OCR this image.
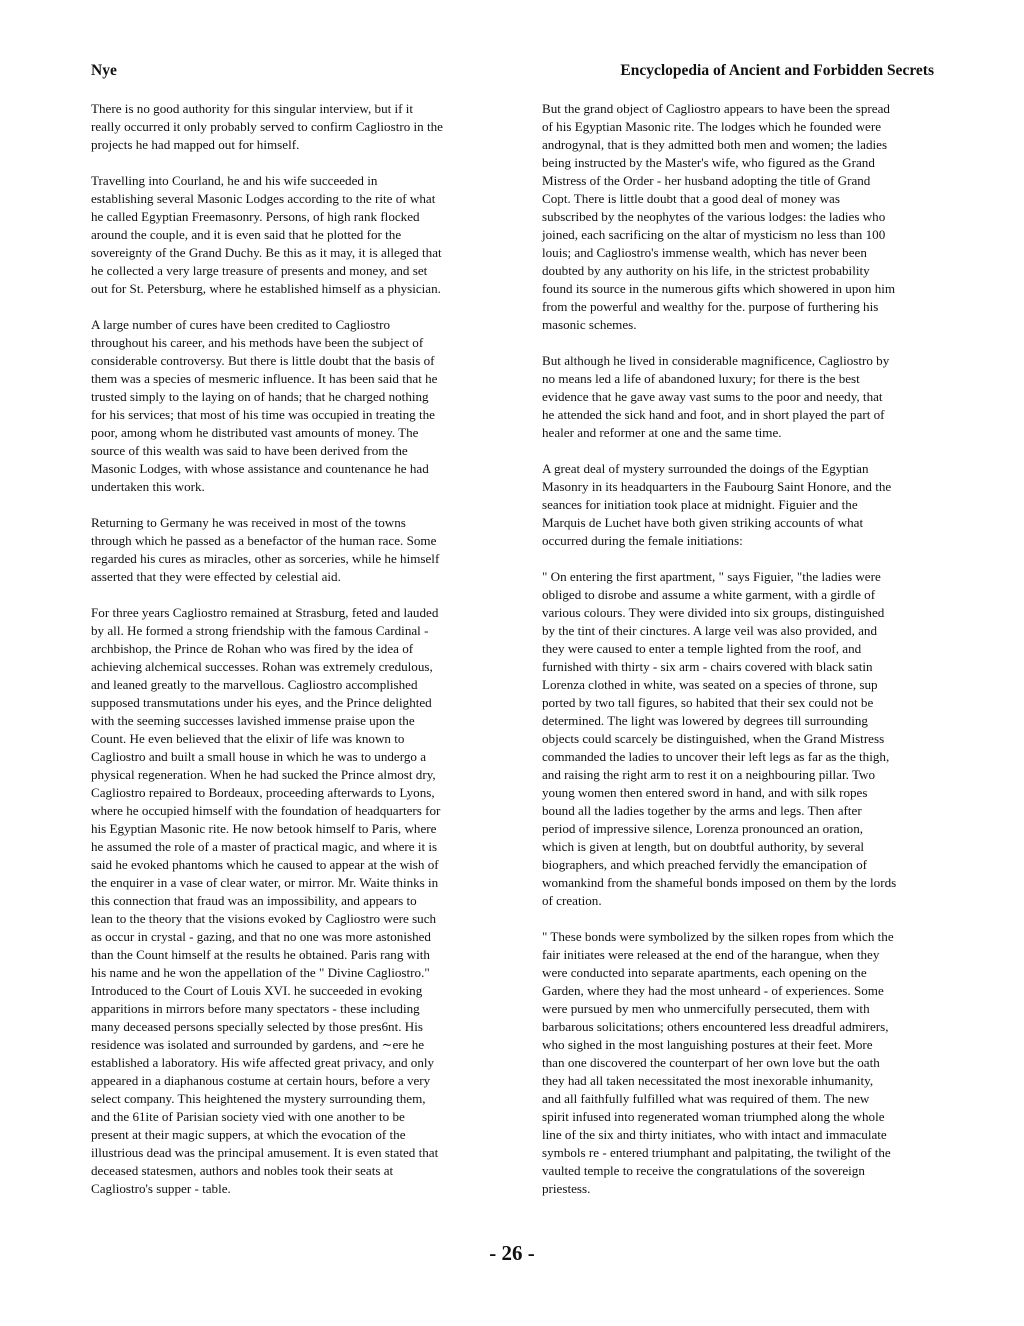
Nye	Encyclopedia of Ancient and Forbidden Secrets
There is no good authority for this singular interview, but if it
really occurred it only probably served to confirm Cagliostro in the
projects he had mapped out for himself.
Travelling into Courland, he and his wife succeeded in
establishing several Masonic Lodges according to the rite of what
he called Egyptian Freemasonry. Persons, of high rank flocked
around the couple, and it is even said that he plotted for the
sovereignty of the Grand Duchy. Be this as it may, it is alleged that
he collected a very large treasure of presents and money, and set
out for St. Petersburg, where he established himself as a physician.
A large number of cures have been credited to Cagliostro
throughout his career, and his methods have been the subject of
considerable controversy. But there is little doubt that the basis of
them was a species of mesmeric influence. It has been said that he
trusted simply to the laying on of hands; that he charged nothing
for his services; that most of his time was occupied in treating the
poor, among whom he distributed vast amounts of money. The
source of this wealth was said to have been derived from the
Masonic Lodges, with whose assistance and countenance he had
undertaken this work.
Returning to Germany he was received in most of the towns
through which he passed as a benefactor of the human race. Some
regarded his cures as miracles, other as sorceries, while he himself
asserted that they were effected by celestial aid.
For three years Cagliostro remained at Strasburg, feted and lauded
by all. He formed a strong friendship with the famous Cardinal -
archbishop, the Prince de Rohan who was fired by the idea of
achieving alchemical successes. Rohan was extremely credulous,
and leaned greatly to the marvellous. Cagliostro accomplished
supposed transmutations under his eyes, and the Prince delighted
with the seeming successes lavished immense praise upon the
Count. He even believed that the elixir of life was known to
Cagliostro and built a small house in which he was to undergo a
physical regeneration. When he had sucked the Prince almost dry,
Cagliostro repaired to Bordeaux, proceeding afterwards to Lyons,
where he occupied himself with the foundation of headquarters for
his Egyptian Masonic rite. He now betook himself to Paris, where
he assumed the role of a master of practical magic, and where it is
said he evoked phantoms which he caused to appear at the wish of
the enquirer in a vase of clear water, or mirror. Mr. Waite thinks in
this connection that fraud was an impossibility, and appears to
lean to the theory that the visions evoked by Cagliostro were such
as occur in crystal - gazing, and that no one was more astonished
than the Count himself at the results he obtained. Paris rang with
his name and he won the appellation of the " Divine Cagliostro."
Introduced to the Court of Louis XVI. he succeeded in evoking
apparitions in mirrors before many spectators - these including
many deceased persons specially selected by those pres6nt. His
residence was isolated and surrounded by gardens, and ∼ere he
established a laboratory. His wife affected great privacy, and only
appeared in a diaphanous costume at certain hours, before a very
select company. This heightened the mystery surrounding them,
and the 61ite of Parisian society vied with one another to be
present at their magic suppers, at which the evocation of the
illustrious dead was the principal amusement. It is even stated that
deceased statesmen, authors and nobles took their seats at
Cagliostro's supper - table.
But the grand object of Cagliostro appears to have been the spread
of his Egyptian Masonic rite. The lodges which he founded were
androgynal, that is they admitted both men and women; the ladies
being instructed by the Master's wife, who figured as the Grand
Mistress of the Order - her husband adopting the title of Grand
Copt. There is little doubt that a good deal of money was
subscribed by the neophytes of the various lodges: the ladies who
joined, each sacrificing on the altar of mysticism no less than 100
louis; and Cagliostro's immense wealth, which has never been
doubted by any authority on his life, in the strictest probability
found its source in the numerous gifts which showered in upon him
from the powerful and wealthy for the. purpose of furthering his
masonic schemes.
But although he lived in considerable magnificence, Cagliostro by
no means led a life of abandoned luxury; for there is the best
evidence that he gave away vast sums to the poor and needy, that
he attended the sick hand and foot, and in short played the part of
healer and reformer at one and the same time.
A great deal of mystery surrounded the doings of the Egyptian
Masonry in its headquarters in the Faubourg Saint Honore, and the
seances for initiation took place at midnight. Figuier and the
Marquis de Luchet have both given striking accounts of what
occurred during the female initiations:
" On entering the first apartment, " says Figuier, "the ladies were
obliged to disrobe and assume a white garment, with a girdle of
various colours. They were divided into six groups, distinguished
by the tint of their cinctures. A large veil was also provided, and
they were caused to enter a temple lighted from the roof, and
furnished with thirty - six arm - chairs covered with black satin
Lorenza clothed in white, was seated on a species of throne, sup
ported by two tall figures, so habited that their sex could not be
determined. The light was lowered by degrees till surrounding
objects could scarcely be distinguished, when the Grand Mistress
commanded the ladies to uncover their left legs as far as the thigh,
and raising the right arm to rest it on a neighbouring pillar. Two
young women then entered sword in hand, and with silk ropes
bound all the ladies together by the arms and legs. Then after
period of impressive silence, Lorenza pronounced an oration,
which is given at length, but on doubtful authority, by several
biographers, and which preached fervidly the emancipation of
womankind from the shameful bonds imposed on them by the lords
of creation.
" These bonds were symbolized by the silken ropes from which the
fair initiates were released at the end of the harangue, when they
were conducted into separate apartments, each opening on the
Garden, where they had the most unheard - of experiences. Some
were pursued by men who unmercifully persecuted, them with
barbarous solicitations; others encountered less dreadful admirers,
who sighed in the most languishing postures at their feet. More
than one discovered the counterpart of her own love but the oath
they had all taken necessitated the most inexorable inhumanity,
and all faithfully fulfilled what was required of them. The new
spirit infused into regenerated woman triumphed along the whole
line of the six and thirty initiates, who with intact and immaculate
symbols re - entered triumphant and palpitating, the twilight of the
vaulted temple to receive the congratulations of the sovereign
priestess.
- 26 -
